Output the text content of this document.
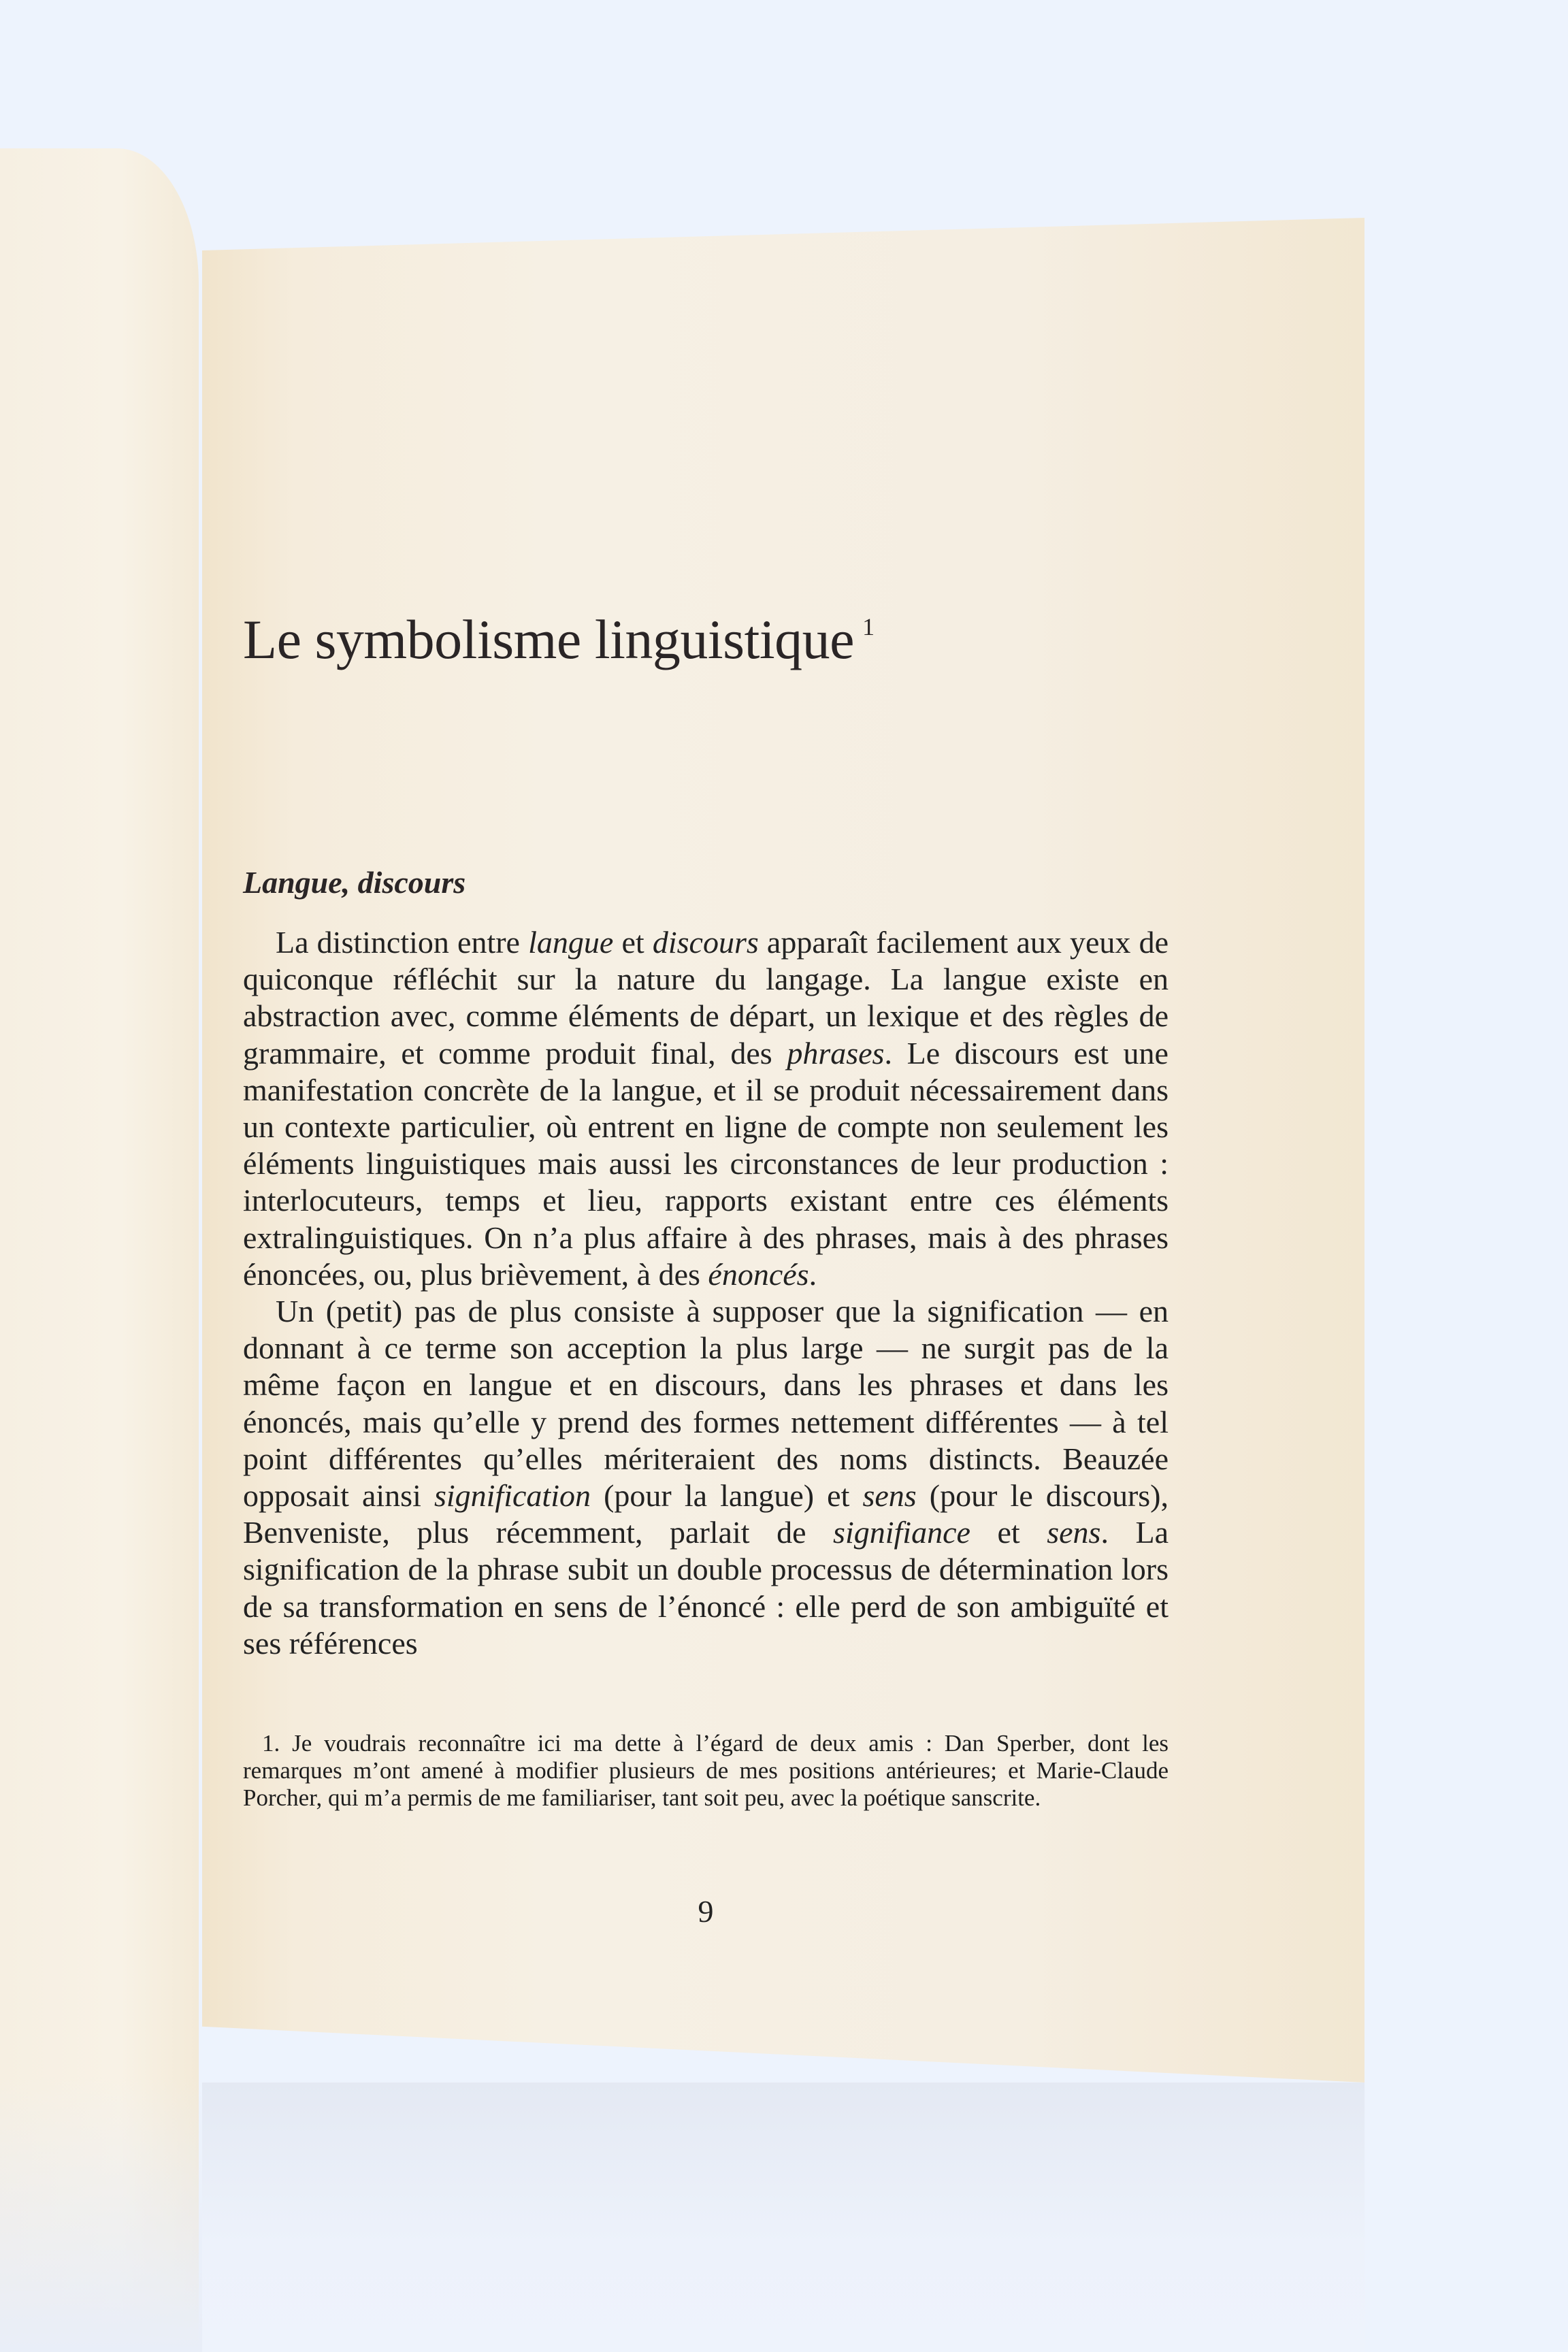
Le symbolisme linguistique $^1$
Langue, discours

La distinction entre langue et discours apparaît facilement aux yeux de quiconque réfléchit sur la nature du langage. La langue existe en abstraction avec, comme éléments de départ, un lexique et des règles de grammaire, et comme produit final, des phrases. Le discours est une manifestation concrète de la langue, et il se produit nécessairement dans un contexte particulier, où entrent en ligne de compte non seulement les éléments linguistiques mais aussi les circonstances de leur production : interlocuteurs, temps et lieu, rapports existant entre ces éléments extralinguistiques. On n’a plus affaire à des phrases, mais à des phrases énoncées, ou, plus brièvement, à des énoncés.

Un (petit) pas de plus consiste à supposer que la signification — en donnant à ce terme son acception la plus large — ne surgit pas de la même façon en langue et en discours, dans les phrases et dans les énoncés, mais qu’elle y prend des formes nettement différentes — à tel point différentes qu’elles mériteraient des noms distincts. Beauzée opposait ainsi signification (pour la langue) et sens (pour le discours), Benveniste, plus récemment, parlait de signifiance et sens. La signification de la phrase subit un double processus de détermination lors de sa transformation en sens de l’énoncé : elle perd de son ambiguïté et ses références

1. Je voudrais reconnaître ici ma dette à l’égard de deux amis : Dan Sperber, dont les remarques m’ont amené à modifier plusieurs de mes positions antérieures; et Marie-Claude Porcher, qui m’a permis de me familiariser, tant soit peu, avec la poétique sanscrite.

9
